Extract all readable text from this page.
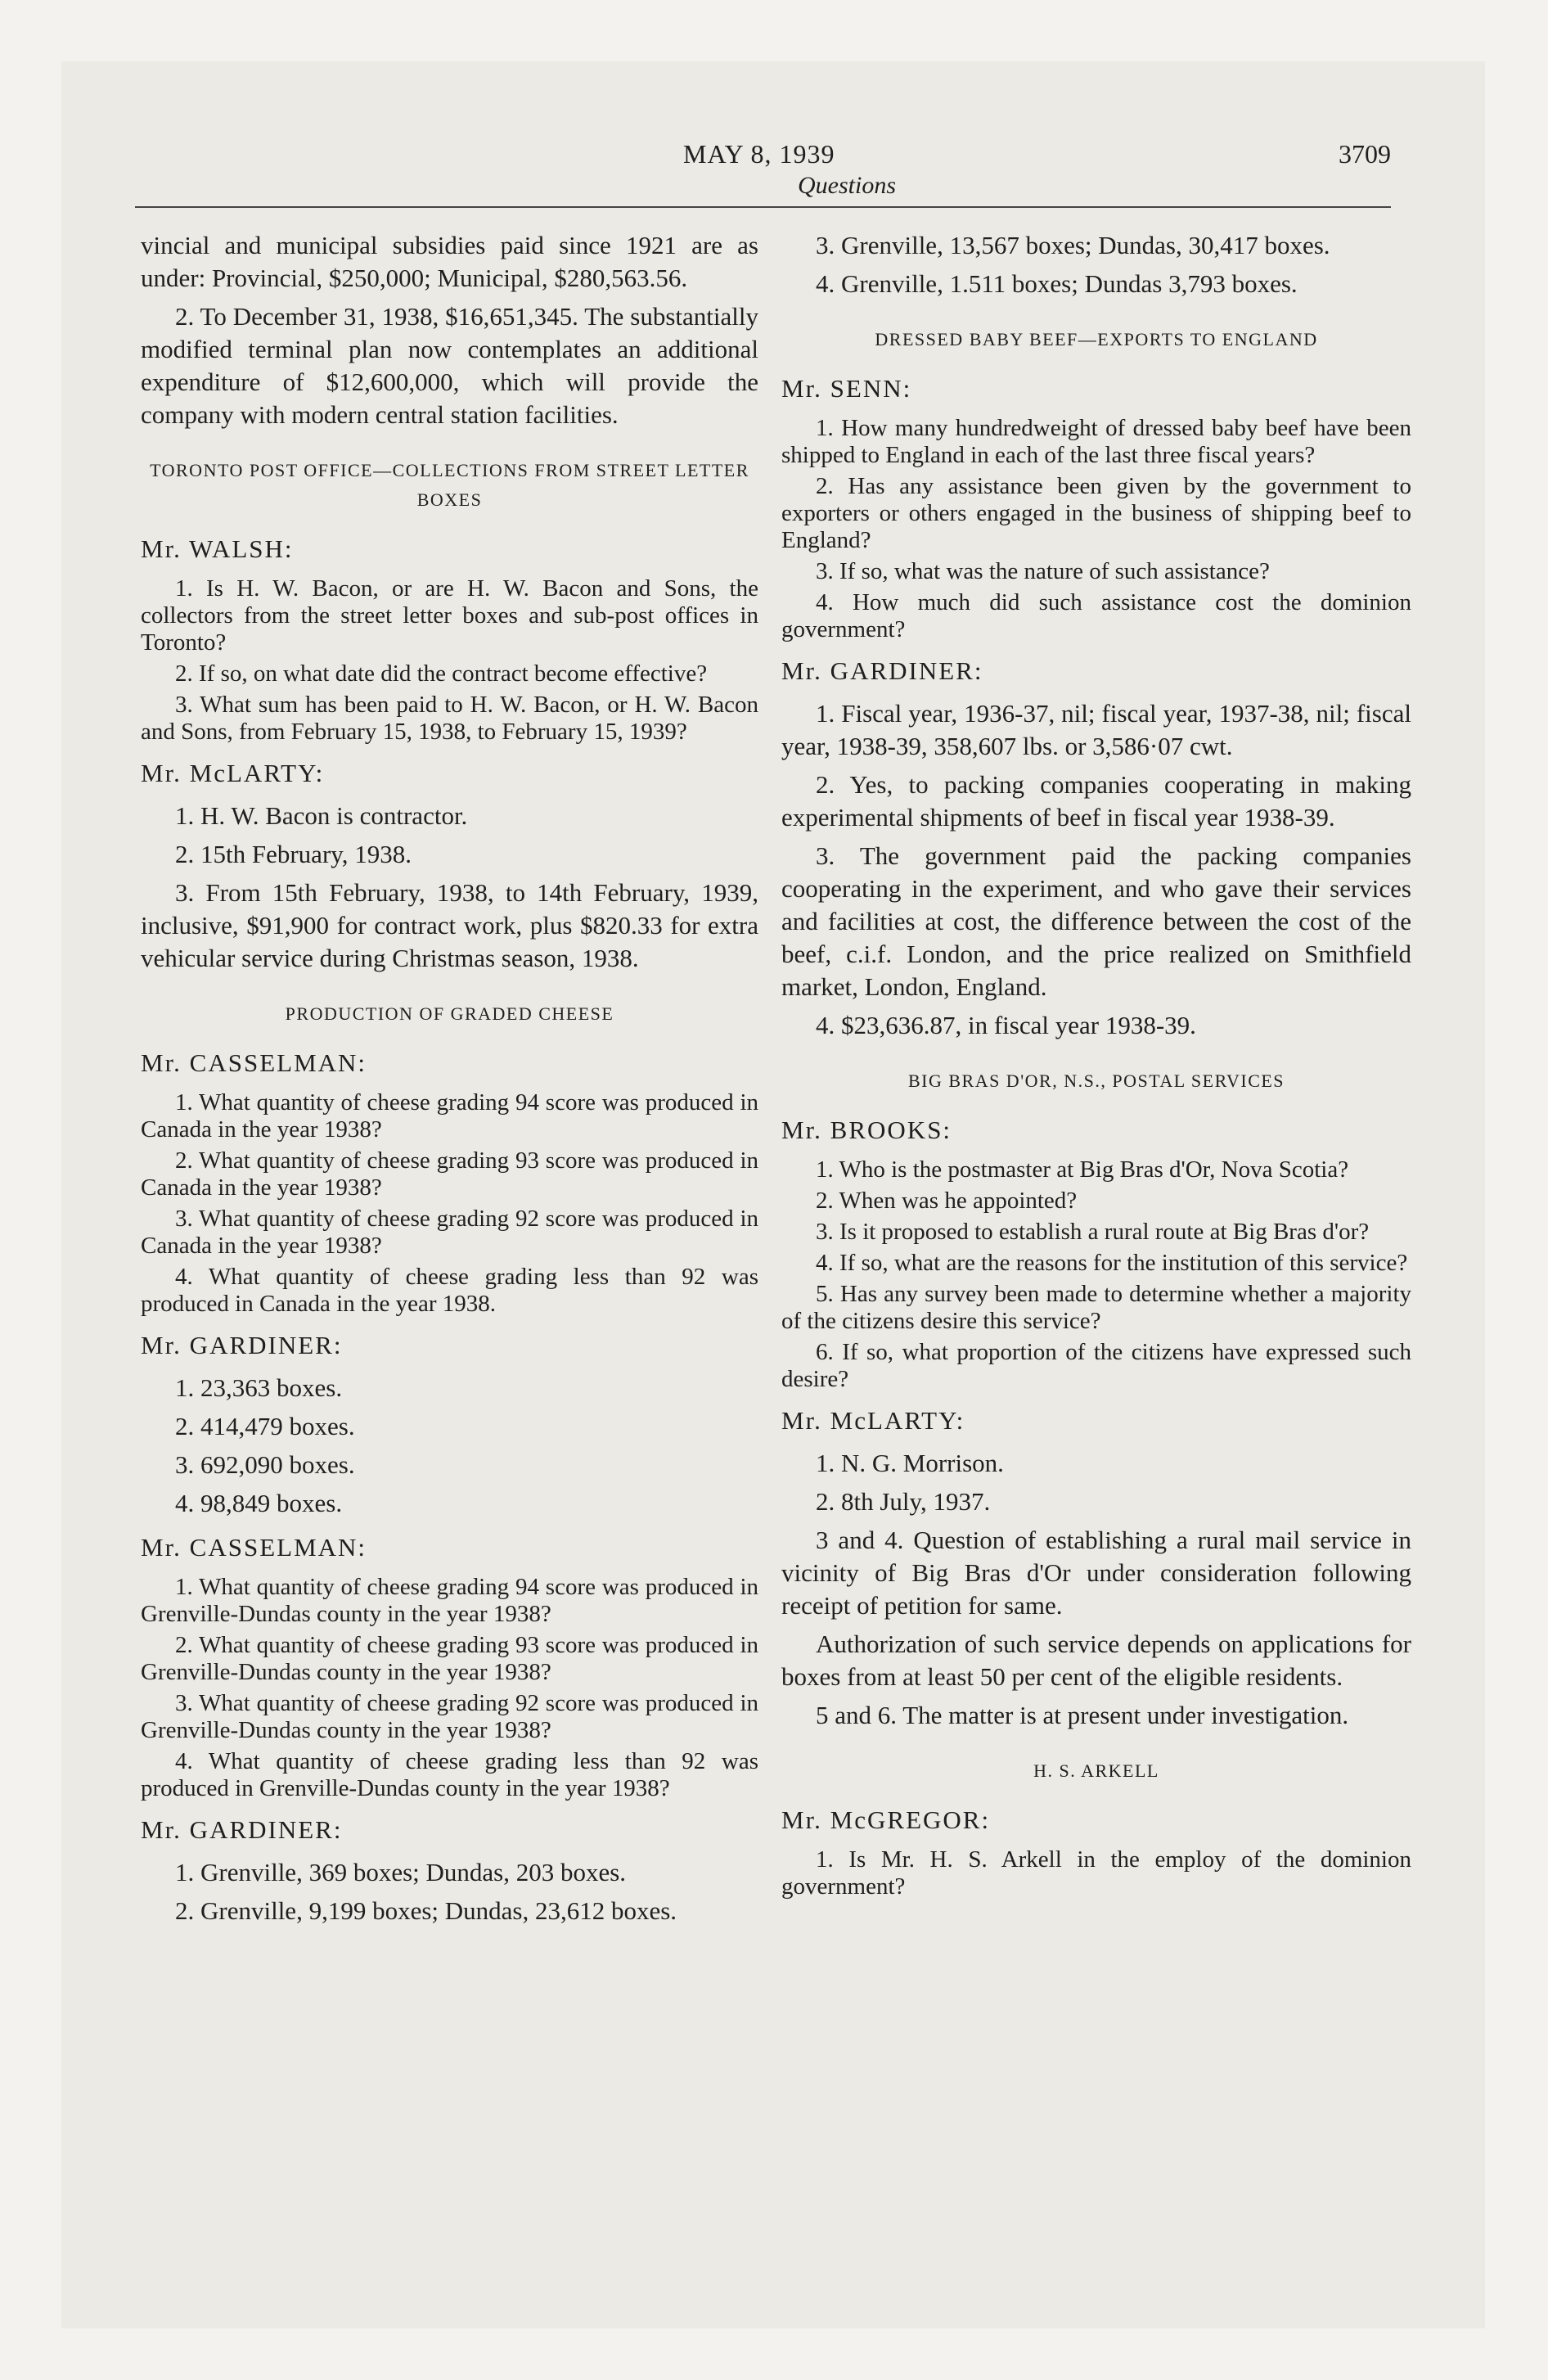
MAY 8, 1939
Questions
3709

vincial and municipal subsidies paid since 1921 are as under: Provincial, $250,000; Municipal, $280,563.56.

2. To December 31, 1938, $16,651,345. The substantially modified terminal plan now contemplates an additional expenditure of $12,600,000, which will provide the company with modern central station facilities.

TORONTO POST OFFICE—COLLECTIONS FROM STREET LETTER BOXES
Mr. WALSH:

1. Is H. W. Bacon, or are H. W. Bacon and Sons, the collectors from the street letter boxes and sub-post offices in Toronto?

2. If so, on what date did the contract become effective?

3. What sum has been paid to H. W. Bacon, or H. W. Bacon and Sons, from February 15, 1938, to February 15, 1939?

Mr. McLARTY:

1. H. W. Bacon is contractor.

2. 15th February, 1938.

3. From 15th February, 1938, to 14th February, 1939, inclusive, $91,900 for contract work, plus $820.33 for extra vehicular service during Christmas season, 1938.

PRODUCTION OF GRADED CHEESE
Mr. CASSELMAN:

1. What quantity of cheese grading 94 score was produced in Canada in the year 1938?

2. What quantity of cheese grading 93 score was produced in Canada in the year 1938?

3. What quantity of cheese grading 92 score was produced in Canada in the year 1938?

4. What quantity of cheese grading less than 92 was produced in Canada in the year 1938.

Mr. GARDINER:

1. 23,363 boxes.

2. 414,479 boxes.

3. 692,090 boxes.

4. 98,849 boxes.

Mr. CASSELMAN:

1. What quantity of cheese grading 94 score was produced in Grenville-Dundas county in the year 1938?

2. What quantity of cheese grading 93 score was produced in Grenville-Dundas county in the year 1938?

3. What quantity of cheese grading 92 score was produced in Grenville-Dundas county in the year 1938?

4. What quantity of cheese grading less than 92 was produced in Grenville-Dundas county in the year 1938?

Mr. GARDINER:

1. Grenville, 369 boxes; Dundas, 203 boxes.

2. Grenville, 9,199 boxes; Dundas, 23,612 boxes.

3. Grenville, 13,567 boxes; Dundas, 30,417 boxes.

4. Grenville, 1.511 boxes; Dundas 3,793 boxes.

DRESSED BABY BEEF—EXPORTS TO ENGLAND
Mr. SENN:

1. How many hundredweight of dressed baby beef have been shipped to England in each of the last three fiscal years?

2. Has any assistance been given by the government to exporters or others engaged in the business of shipping beef to England?

3. If so, what was the nature of such assistance?

4. How much did such assistance cost the dominion government?

Mr. GARDINER:

1. Fiscal year, 1936-37, nil; fiscal year, 1937-38, nil; fiscal year, 1938-39, 358,607 lbs. or 3,586·07 cwt.

2. Yes, to packing companies cooperating in making experimental shipments of beef in fiscal year 1938-39.

3. The government paid the packing companies cooperating in the experiment, and who gave their services and facilities at cost, the difference between the cost of the beef, c.i.f. London, and the price realized on Smithfield market, London, England.

4. $23,636.87, in fiscal year 1938-39.

BIG BRAS D'OR, N.S., POSTAL SERVICES
Mr. BROOKS:

1. Who is the postmaster at Big Bras d'Or, Nova Scotia?

2. When was he appointed?

3. Is it proposed to establish a rural route at Big Bras d'or?

4. If so, what are the reasons for the institution of this service?

5. Has any survey been made to determine whether a majority of the citizens desire this service?

6. If so, what proportion of the citizens have expressed such desire?

Mr. McLARTY:

1. N. G. Morrison.

2. 8th July, 1937.

3 and 4. Question of establishing a rural mail service in vicinity of Big Bras d'Or under consideration following receipt of petition for same.

Authorization of such service depends on applications for boxes from at least 50 per cent of the eligible residents.

5 and 6. The matter is at present under investigation.

H. S. ARKELL
Mr. McGREGOR:

1. Is Mr. H. S. Arkell in the employ of the dominion government?
